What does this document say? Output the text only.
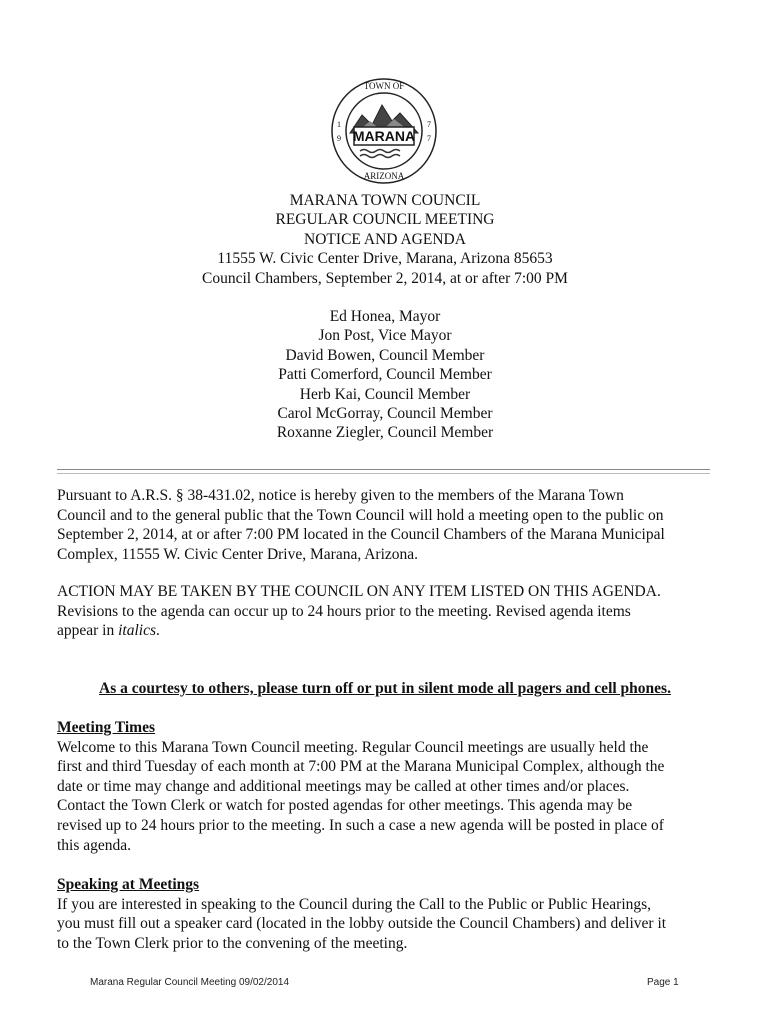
MARANA
TOWN OF
ARIZONA
1
9
7
7
MARANA TOWN COUNCIL
REGULAR COUNCIL MEETING
NOTICE AND AGENDA
11555 W. Civic Center Drive, Marana, Arizona 85653
Council Chambers, September 2, 2014, at or after 7:00 PM
Ed Honea, Mayor
Jon Post, Vice Mayor
David Bowen, Council Member
Patti Comerford, Council Member
Herb Kai, Council Member
Carol McGorray, Council Member
Roxanne Ziegler, Council Member
Pursuant to A.R.S. § 38-431.02, notice is hereby given to the members of the Marana Town
Council and to the general public that the Town Council will hold a meeting open to the public on
September 2, 2014, at or after 7:00 PM located in the Council Chambers of the Marana Municipal
Complex, 11555 W. Civic Center Drive, Marana, Arizona.
ACTION MAY BE TAKEN BY THE COUNCIL ON ANY ITEM LISTED ON THIS AGENDA.
Revisions to the agenda can occur up to 24 hours prior to the meeting. Revised agenda items
appear in italics.
As a courtesy to others, please turn off or put in silent mode all pagers and cell phones.
Meeting Times
Welcome to this Marana Town Council meeting. Regular Council meetings are usually held the
first and third Tuesday of each month at 7:00 PM at the Marana Municipal Complex, although the
date or time may change and additional meetings may be called at other times and/or places.
Contact the Town Clerk or watch for posted agendas for other meetings. This agenda may be
revised up to 24 hours prior to the meeting. In such a case a new agenda will be posted in place of
this agenda.
Speaking at Meetings
If you are interested in speaking to the Council during the Call to the Public or Public Hearings,
you must fill out a speaker card (located in the lobby outside the Council Chambers) and deliver it
to the Town Clerk prior to the convening of the meeting.
Marana Regular Council Meeting 09/02/2014	Page 1
